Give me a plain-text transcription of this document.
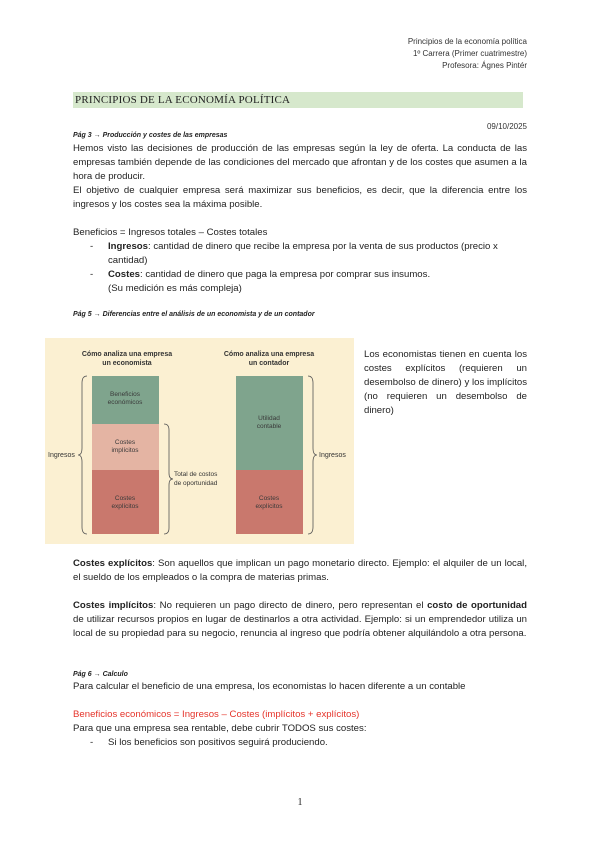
Principios de la economía política
1º Carrera (Primer cuatrimestre)
Profesora: Ágnes Pintér
PRINCIPIOS DE LA ECONOMÍA POLÍTICA
09/10/2025
Pág 3 → Producción y costes de las empresas
Hemos visto las decisiones de producción de las empresas según la ley de oferta. La conducta de las empresas también depende de las condiciones del mercado que afrontan y de los costes que asumen a la hora de producir.
El objetivo de cualquier empresa será maximizar sus beneficios, es decir, que la diferencia entre los ingresos y los costes sea la máxima posible.
Beneficios = Ingresos totales – Costes totales
- Ingresos: cantidad de dinero que recibe la empresa por la venta de sus productos (precio x cantidad)
- Costes: cantidad de dinero que paga la empresa por comprar sus insumos.
(Su medición es más compleja)
Pág 5 → Diferencias entre el análisis de un economista y de un contador
Cómo analiza una empresa
un economista
Cómo analiza una empresa
un contador
Beneficios
económicos
Costes
implícitos
Costes
explícitos
Ingresos
Total de costos
de oportunidad
Utilidad
contable
Costes
explícitos
Ingresos
Los economistas tienen en cuenta los costes explícitos (requieren un desembolso de dinero) y los implícitos (no requieren un desembolso de dinero)
Costes explícitos: Son aquellos que implican un pago monetario directo. Ejemplo: el alquiler de un local, el sueldo de los empleados o la compra de materias primas.
Costes implícitos: No requieren un pago directo de dinero, pero representan el costo de oportunidad de utilizar recursos propios en lugar de destinarlos a otra actividad. Ejemplo: si un emprendedor utiliza un local de su propiedad para su negocio, renuncia al ingreso que podría obtener alquilándolo a otra persona.
Pág 6 → Calculo
Para calcular el beneficio de una empresa, los economistas lo hacen diferente a un contable
Beneficios económicos = Ingresos – Costes (implícitos + explícitos)
Para que una empresa sea rentable, debe cubrir TODOS sus costes:
- Si los beneficios son positivos seguirá produciendo.
1
